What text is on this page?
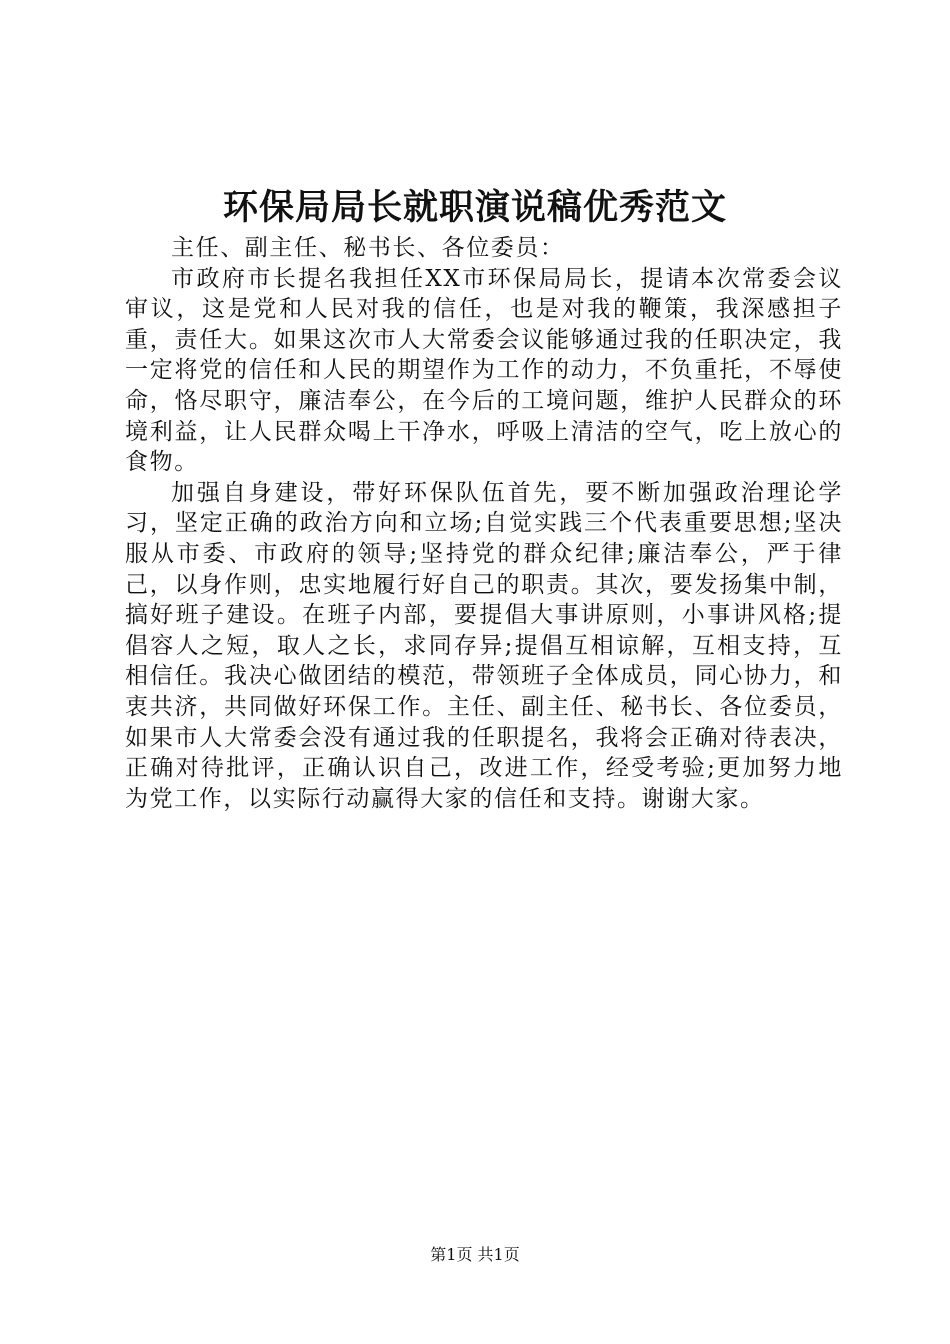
环保局局长就职演说稿优秀范文

主任、副主任、秘书长、各位委员：

市政府市长提名我担任XX市环保局局长，提请本次常委会议审议，这是党和人民对我的信任，也是对我的鞭策，我深感担子重，责任大。如果这次市人大常委会议能够通过我的任职决定，我一定将党的信任和人民的期望作为工作的动力，不负重托，不辱使命，恪尽职守，廉洁奉公，在今后的工境问题，维护人民群众的环境利益，让人民群众喝上干净水，呼吸上清洁的空气，吃上放心的食物。

加强自身建设，带好环保队伍首先，要不断加强政治理论学习，坚定正确的政治方向和立场;自觉实践三个代表重要思想;坚决服从市委、市政府的领导;坚持党的群众纪律;廉洁奉公，严于律己，以身作则，忠实地履行好自己的职责。其次，要发扬集中制，搞好班子建设。在班子内部，要提倡大事讲原则，小事讲风格;提倡容人之短，取人之长，求同存异;提倡互相谅解，互相支持，互相信任。我决心做团结的模范，带领班子全体成员，同心协力，和衷共济，共同做好环保工作。主任、副主任、秘书长、各位委员，如果市人大常委会没有通过我的任职提名，我将会正确对待表决，正确对待批评，正确认识自己，改进工作，经受考验;更加努力地为党工作，以实际行动赢得大家的信任和支持。谢谢大家。

第1页 共1页
